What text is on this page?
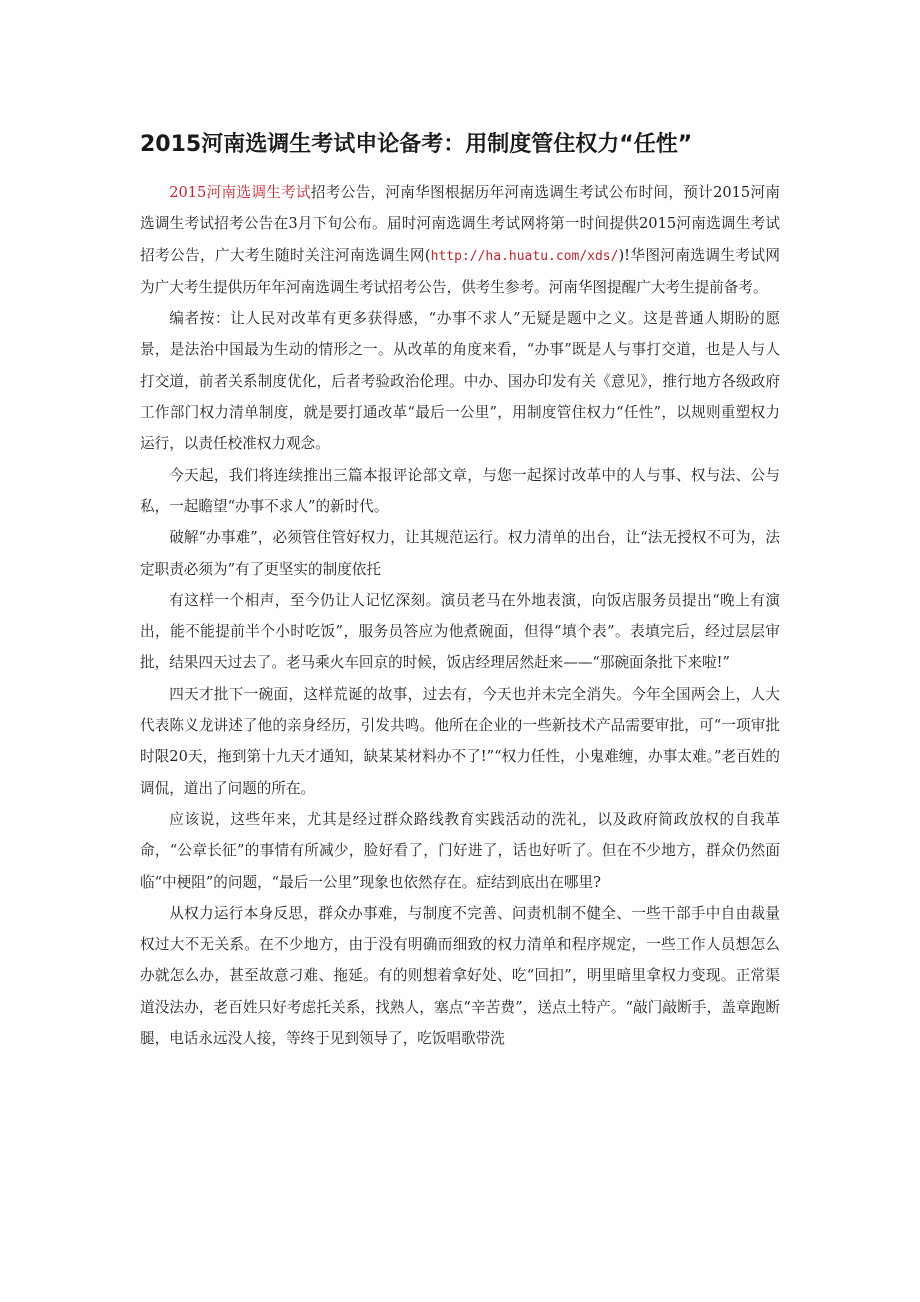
2015河南选调生考试申论备考：用制度管住权力“任性”

2015河南选调生考试招考公告，河南华图根据历年河南选调生考试公布时间，预计2015河南选调生考试招考公告在3月下旬公布。届时河南选调生考试网将第一时间提供2015河南选调生考试招考公告，广大考生随时关注河南选调生网(http://ha.huatu.com/xds/)!华图河南选调生考试网为广大考生提供历年年河南选调生考试招考公告，供考生参考。河南华图提醒广大考生提前备考。

编者按：让人民对改革有更多获得感，“办事不求人”无疑是题中之义。这是普通人期盼的愿景，是法治中国最为生动的情形之一。从改革的角度来看，“办事”既是人与事打交道，也是人与人打交道，前者关系制度优化，后者考验政治伦理。中办、国办印发有关《意见》，推行地方各级政府工作部门权力清单制度，就是要打通改革“最后一公里”，用制度管住权力“任性”，以规则重塑权力运行，以责任校准权力观念。

今天起，我们将连续推出三篇本报评论部文章，与您一起探讨改革中的人与事、权与法、公与私，一起瞻望“办事不求人”的新时代。

破解“办事难”，必须管住管好权力，让其规范运行。权力清单的出台，让“法无授权不可为，法定职责必须为”有了更坚实的制度依托

有这样一个相声，至今仍让人记忆深刻。演员老马在外地表演，向饭店服务员提出“晚上有演出，能不能提前半个小时吃饭”，服务员答应为他煮碗面，但得“填个表”。表填完后，经过层层审批，结果四天过去了。老马乘火车回京的时候，饭店经理居然赶来——“那碗面条批下来啦!”

四天才批下一碗面，这样荒诞的故事，过去有，今天也并未完全消失。今年全国两会上，人大代表陈义龙讲述了他的亲身经历，引发共鸣。他所在企业的一些新技术产品需要审批，可“一项审批时限20天，拖到第十九天才通知，缺某某材料办不了!”“权力任性，小鬼难缠，办事太难。”老百姓的调侃，道出了问题的所在。

应该说，这些年来，尤其是经过群众路线教育实践活动的洗礼，以及政府简政放权的自我革命，“公章长征”的事情有所减少，脸好看了，门好进了，话也好听了。但在不少地方，群众仍然面临“中梗阻”的问题，“最后一公里”现象也依然存在。症结到底出在哪里?

从权力运行本身反思，群众办事难，与制度不完善、问责机制不健全、一些干部手中自由裁量权过大不无关系。在不少地方，由于没有明确而细致的权力清单和程序规定，一些工作人员想怎么办就怎么办，甚至故意刁难、拖延。有的则想着拿好处、吃“回扣”，明里暗里拿权力变现。正常渠道没法办，老百姓只好考虑托关系，找熟人，塞点“辛苦费”，送点土特产。“敲门敲断手，盖章跑断腿，电话永远没人接，等终于见到领导了，吃饭唱歌带洗
